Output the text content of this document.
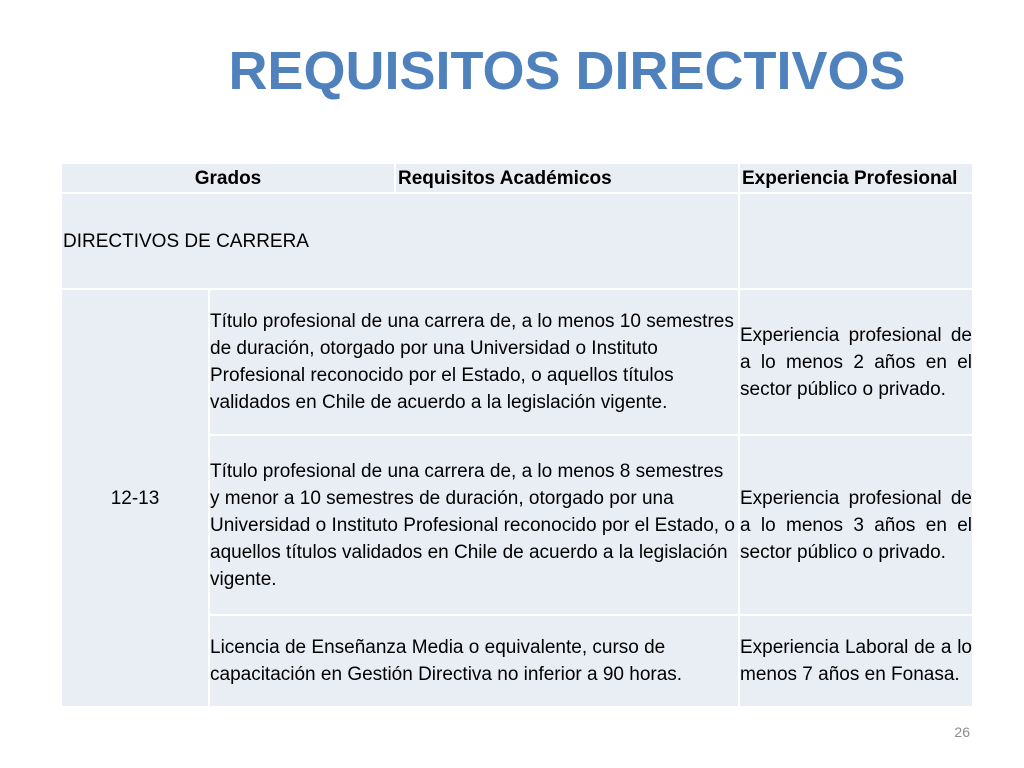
REQUISITOS DIRECTIVOS
Grados		Requisitos Académicos	Experiencia Profesional
DIRECTIVOS DE CARRERA			
12-13	Título profesional de una carrera de, a lo menos 10 semestres de duración, otorgado por una Universidad o Instituto Profesional reconocido por el Estado, o aquellos títulos validados en Chile de acuerdo a la legislación vigente.		Experiencia profesional de a lo menos 2 años en el sector público o privado.
	Título profesional de una carrera de, a lo menos 8 semestres y menor a 10 semestres de duración, otorgado por una Universidad o Instituto Profesional reconocido por el Estado, o aquellos títulos validados en Chile de acuerdo a la legislación vigente.		Experiencia profesional de a lo menos 3 años en el sector público o privado.
	Licencia de Enseñanza Media o equivalente, curso de capacitación en Gestión Directiva no inferior a 90 horas.		Experiencia Laboral de a lo menos 7 años en Fonasa.
26
